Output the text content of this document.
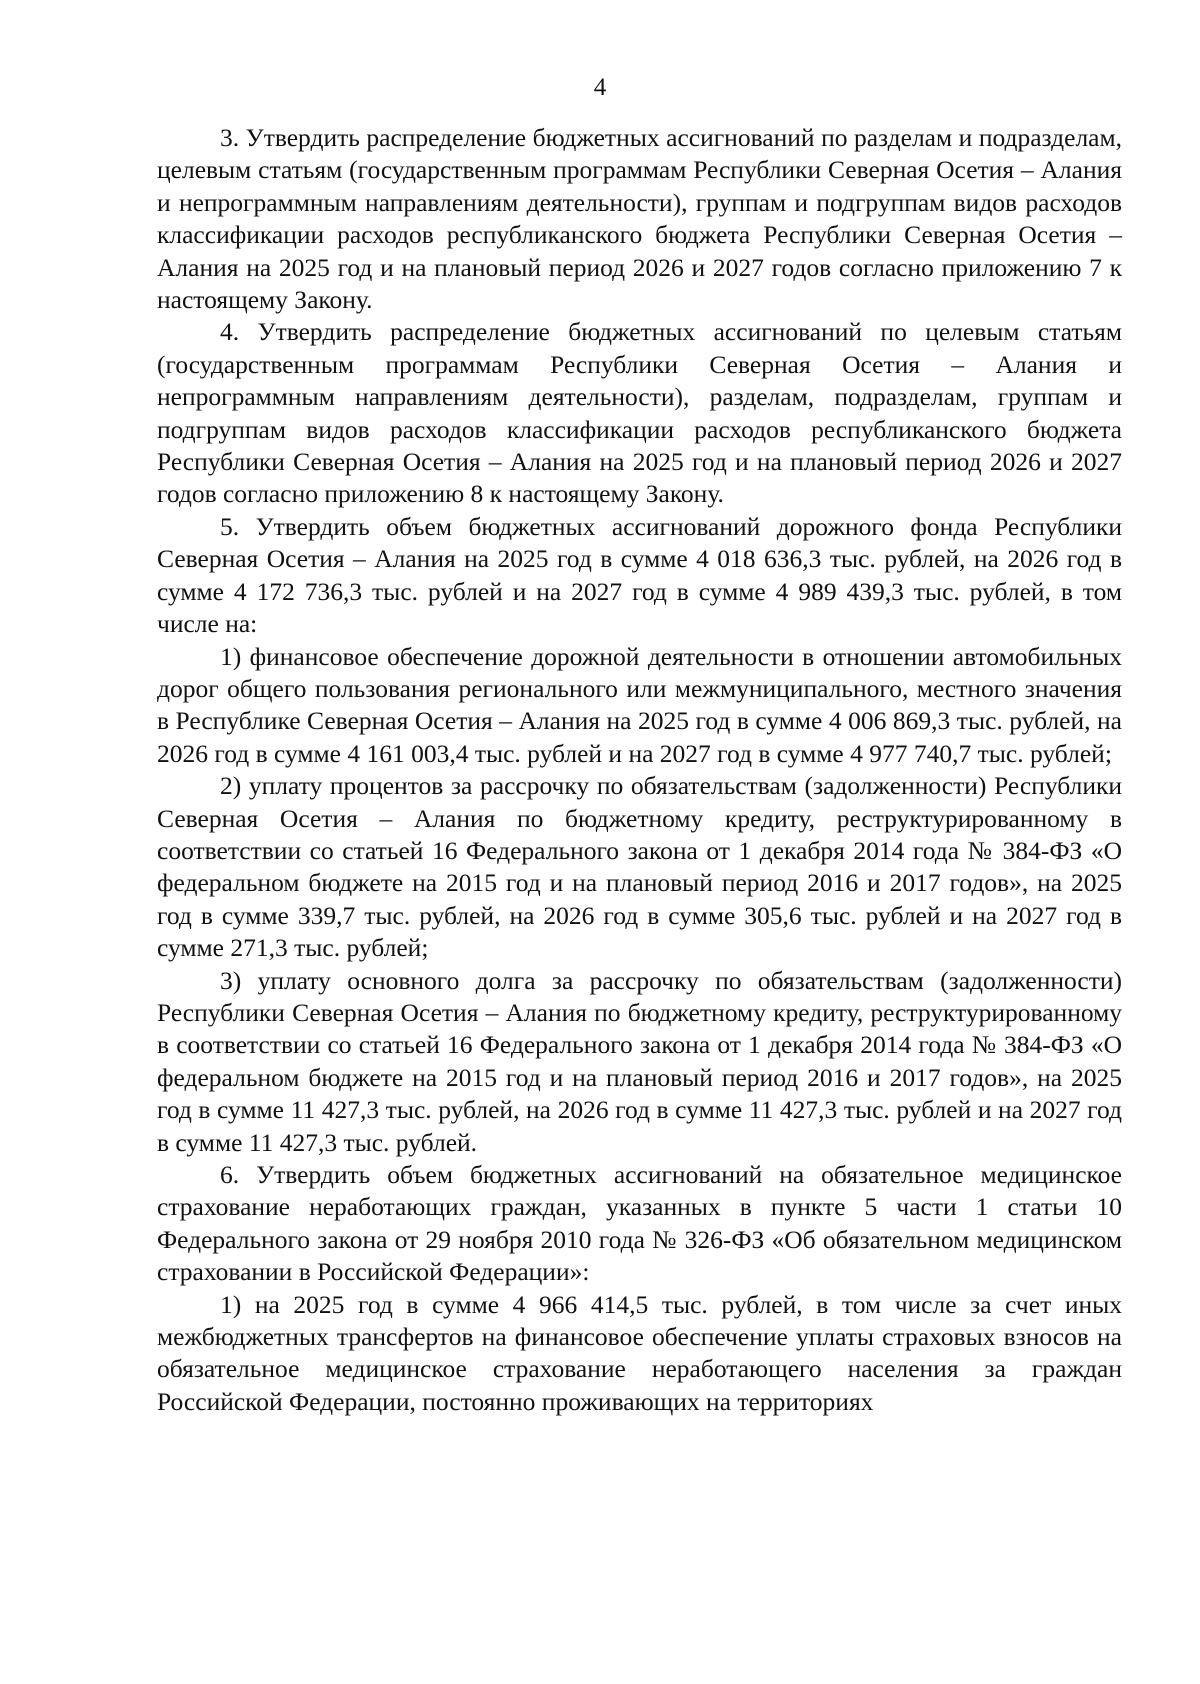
4

3. Утвердить распределение бюджетных ассигнований по разделам и подразделам, целевым статьям (государственным программам Республики Северная Осетия – Алания и непрограммным направлениям деятельности), группам и подгруппам видов расходов классификации расходов республиканского бюджета Республики Северная Осетия – Алания на 2025 год и на плановый период 2026 и 2027 годов согласно приложению 7 к настоящему Закону.

4. Утвердить распределение бюджетных ассигнований по целевым статьям (государственным программам Республики Северная Осетия – Алания и непрограммным направлениям деятельности), разделам, подразделам, группам и подгруппам видов расходов классификации расходов республиканского бюджета Республики Северная Осетия – Алания на 2025 год и на плановый период 2026 и 2027 годов согласно приложению 8 к настоящему Закону.

5. Утвердить объем бюджетных ассигнований дорожного фонда Республики Северная Осетия – Алания на 2025 год в сумме 4 018 636,3 тыс. рублей, на 2026 год в сумме 4 172 736,3 тыс. рублей и на 2027 год в сумме 4 989 439,3 тыс. рублей, в том числе на:

1) финансовое обеспечение дорожной деятельности в отношении автомобильных дорог общего пользования регионального или межмуниципального, местного значения в Республике Северная Осетия – Алания на 2025 год в сумме 4 006 869,3 тыс. рублей, на 2026 год в сумме 4 161 003,4 тыс. рублей и на 2027 год в сумме 4 977 740,7 тыс. рублей;

2) уплату процентов за рассрочку по обязательствам (задолженности) Республики Северная Осетия – Алания по бюджетному кредиту, реструктурированному в соответствии со статьей 16 Федерального закона от 1 декабря 2014 года № 384-ФЗ «О федеральном бюджете на 2015 год и на плановый период 2016 и 2017 годов», на 2025 год в сумме 339,7 тыс. рублей, на 2026 год в сумме 305,6 тыс. рублей и на 2027 год в сумме 271,3 тыс. рублей;

3) уплату основного долга за рассрочку по обязательствам (задолженности) Республики Северная Осетия – Алания по бюджетному кредиту, реструктурированному в соответствии со статьей 16 Федерального закона от 1 декабря 2014 года № 384-ФЗ «О федеральном бюджете на 2015 год и на плановый период 2016 и 2017 годов», на 2025 год в сумме 11 427,3 тыс. рублей, на 2026 год в сумме 11 427,3 тыс. рублей и на 2027 год в сумме 11 427,3 тыс. рублей.

6. Утвердить объем бюджетных ассигнований на обязательное медицинское страхование неработающих граждан, указанных в пункте 5 части 1 статьи 10 Федерального закона от 29 ноября 2010 года № 326-ФЗ «Об обязательном медицинском страховании в Российской Федерации»:

1) на 2025 год в сумме 4 966 414,5 тыс. рублей, в том числе за счет иных межбюджетных трансфертов на финансовое обеспечение уплаты страховых взносов на обязательное медицинское страхование неработающего населения за граждан Российской Федерации, постоянно проживающих на территориях
